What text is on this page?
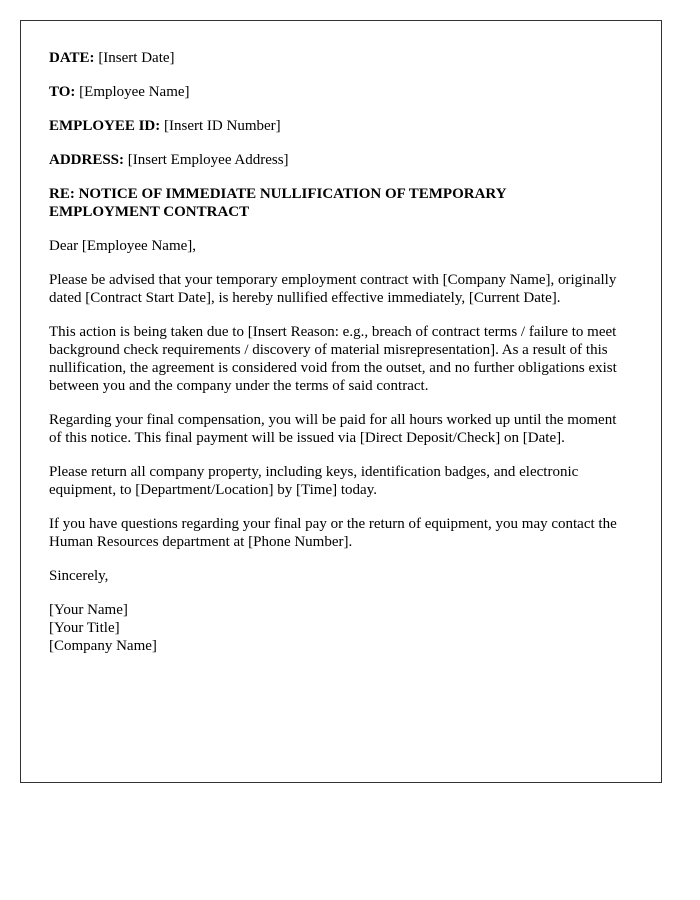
DATE: [Insert Date]

TO: [Employee Name]

EMPLOYEE ID: [Insert ID Number]

ADDRESS: [Insert Employee Address]

RE: NOTICE OF IMMEDIATE NULLIFICATION OF TEMPORARY EMPLOYMENT CONTRACT

Dear [Employee Name],

Please be advised that your temporary employment contract with [Company Name], originally dated [Contract Start Date], is hereby nullified effective immediately, [Current Date].

This action is being taken due to [Insert Reason: e.g., breach of contract terms / failure to meet background check requirements / discovery of material misrepresentation]. As a result of this nullification, the agreement is considered void from the outset, and no further obligations exist between you and the company under the terms of said contract.

Regarding your final compensation, you will be paid for all hours worked up until the moment of this notice. This final payment will be issued via [Direct Deposit/Check] on [Date].

Please return all company property, including keys, identification badges, and electronic equipment, to [Department/Location] by [Time] today.

If you have questions regarding your final pay or the return of equipment, you may contact the Human Resources department at [Phone Number].

Sincerely,

[Your Name]

[Your Title]

[Company Name]
